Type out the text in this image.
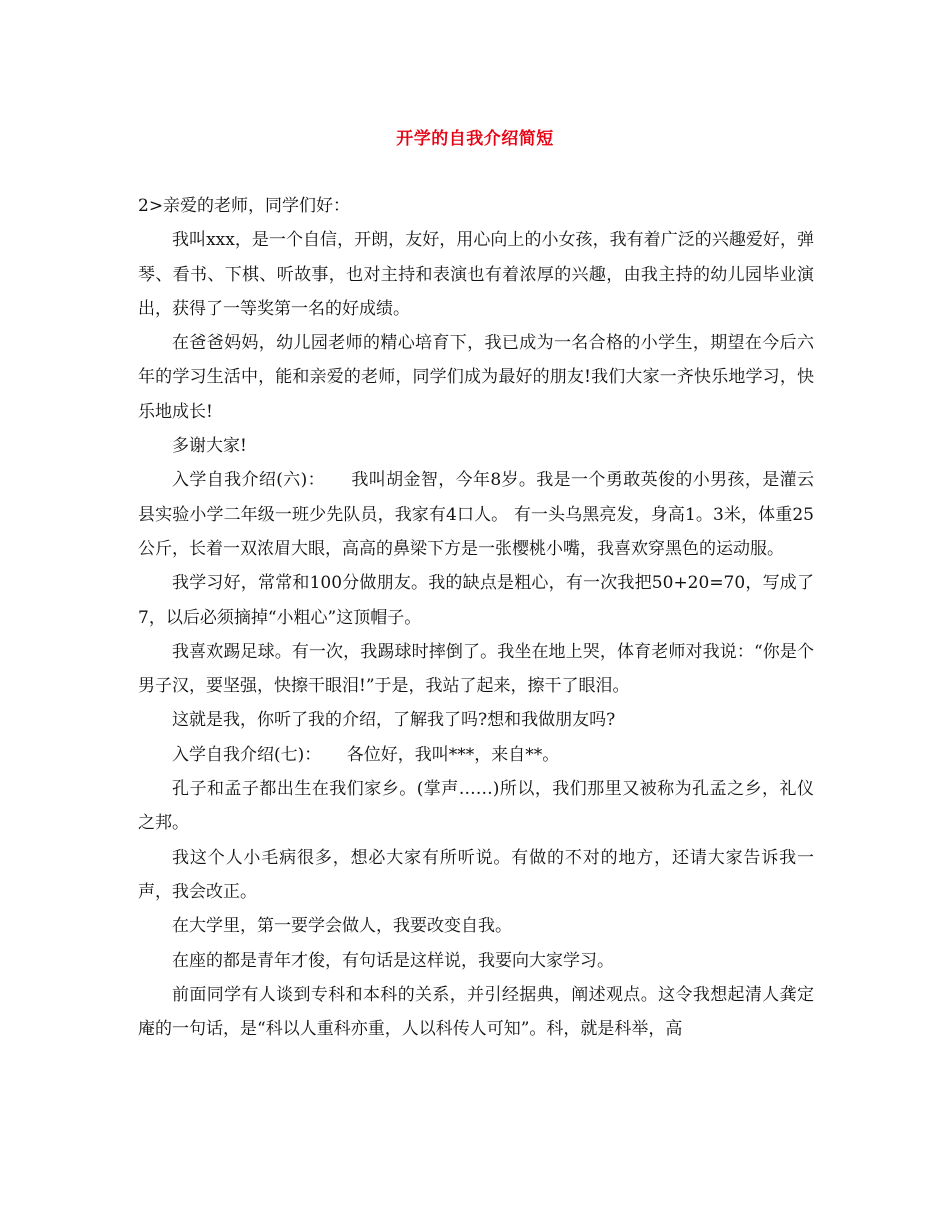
开学的自我介绍简短

2>亲爱的老师，同学们好：

我叫xxx，是一个自信，开朗，友好，用心向上的小女孩，我有着广泛的兴趣爱好，弹琴、看书、下棋、听故事，也对主持和表演也有着浓厚的兴趣，由我主持的幼儿园毕业演出，获得了一等奖第一名的好成绩。

在爸爸妈妈，幼儿园老师的精心培育下，我已成为一名合格的小学生，期望在今后六年的学习生活中，能和亲爱的老师，同学们成为最好的朋友!我们大家一齐快乐地学习，快乐地成长!

多谢大家!

入学自我介绍(六)：　　我叫胡金智，今年8岁。我是一个勇敢英俊的小男孩，是灌云县实验小学二年级一班少先队员，我家有4口人。 有一头乌黑亮发，身高1。3米，体重25公斤，长着一双浓眉大眼，高高的鼻梁下方是一张樱桃小嘴，我喜欢穿黑色的运动服。

我学习好，常常和100分做朋友。我的缺点是粗心，有一次我把50+20=70，写成了7，以后必须摘掉“小粗心”这顶帽子。

我喜欢踢足球。有一次，我踢球时摔倒了。我坐在地上哭，体育老师对我说：“你是个男子汉，要坚强，快擦干眼泪!”于是，我站了起来，擦干了眼泪。

这就是我，你听了我的介绍，了解我了吗?想和我做朋友吗?

入学自我介绍(七)：　　各位好，我叫***，来自**。

孔子和孟子都出生在我们家乡。(掌声……)所以，我们那里又被称为孔孟之乡，礼仪之邦。

我这个人小毛病很多，想必大家有所听说。有做的不对的地方，还请大家告诉我一声，我会改正。

在大学里，第一要学会做人，我要改变自我。

在座的都是青年才俊，有句话是这样说，我要向大家学习。

前面同学有人谈到专科和本科的关系，并引经据典，阐述观点。这令我想起清人龚定庵的一句话，是“科以人重科亦重，人以科传人可知”。科，就是科举，高
